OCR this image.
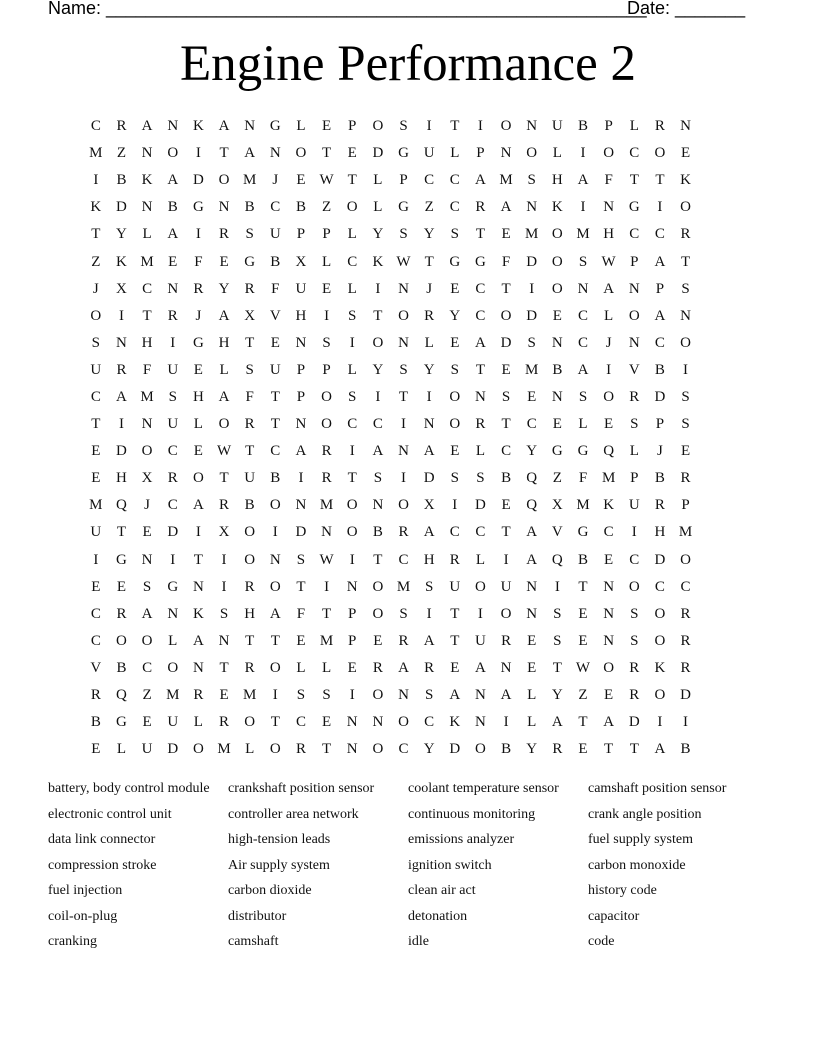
Name: ______________________________________________________
Date: _______
Engine Performance 2
C	R	A N K A N G	L	E	P	O	S	I	T	I	O N U	B	P	L	R	N
M Z	N O	I	T	A N O	T	E	D G U	L	P	N O	L	I	O	C	O	E
I	B	K A D O M	J	E W T	L	P	C	C	A M S	H A	F	T	T	K
K D N	B	G N	B	C	B	Z	O	L	G	Z	C	R	A N K	I	N G	I	O
T	Y	L	A	I	R	S	U	P	P	L	Y	S	Y	S	T	E M O M H	C	C	R
Z	K M E	F	E	G	B	X	L	C	K W T	G G	F	D O	S W P	A	T
J	X	C	N	R	Y	R	F	U	E	L	I	N	J	E	C	T	I	O N A N	P	S
O	I	T	R	J	A X V H	I	S	T	O	R	Y	C	O D	E	C	L	O A N
S	N H	I	G H	T	E	N	S	I	O N	L	E	A D	S	N	C	J	N	C	O
U	R	F	U	E	L	S	U	P	P	L	Y	S	Y	S	T	E M B	A	I	V	B	I
C	A M S	H A	F	T	P	O	S	I	T	I	O N	S	E	N	S	O	R	D	S
T	I	N U	L	O	R	T	N O	C	C	I	N O	R	T	C	E	L	E	S	P	S
E	D O	C	E W T	C	A	R	I	A N A	E	L	C	Y G G Q	L	J	E
E	H X	R	O	T	U	B	I	R	T	S	I	D	S	S	B	Q	Z	F M P	B	R
M Q	J	C	A	R	B	O N M O N O X	I	D	E	Q X M K U	R	P
U	T	E	D	I	X O	I	D N O	B	R	A	C	C	T	A V G	C	I	H M
I	G N	I	T	I	O N	S W	I	T	C	H	R	L	I	A Q	B	E	C	D O
E	E	S	G N	I	R	O	T	I	N O M S	U O U N	I	T	N O	C	C
C	R	A N K	S	H A	F	T	P	O	S	I	T	I	O N	S	E	N	S	O	R
C	O O	L	A N	T	T	E M P	E	R	A	T	U	R	E	S	E	N	S	O	R
V	B	C	O N	T	R	O	L	L	E	R	A	R	E	A N	E	T W O	R	K	R
R	Q	Z M R	E M	I	S	S	I	O N	S	A N A	L	Y	Z	E	R	O D
B	G	E	U	L	R	O	T	C	E	N N O	C	K N	I	L	A	T	A D	I	I
E	L	U D O M L	O	R	T	N O	C	Y D O	B	Y	R	E	T	T	A	B
battery, body control module	crankshaft position sensor	coolant temperature sensor	camshaft position sensor
electronic control unit	controller area network	continuous monitoring	crank angle position
data link connector	high-tension leads	emissions analyzer	fuel supply system
compression stroke	Air supply system	ignition switch	carbon monoxide
fuel injection	carbon dioxide	clean air act	history code
coil-on-plug	distributor	detonation	capacitor
cranking	camshaft	idle	code
